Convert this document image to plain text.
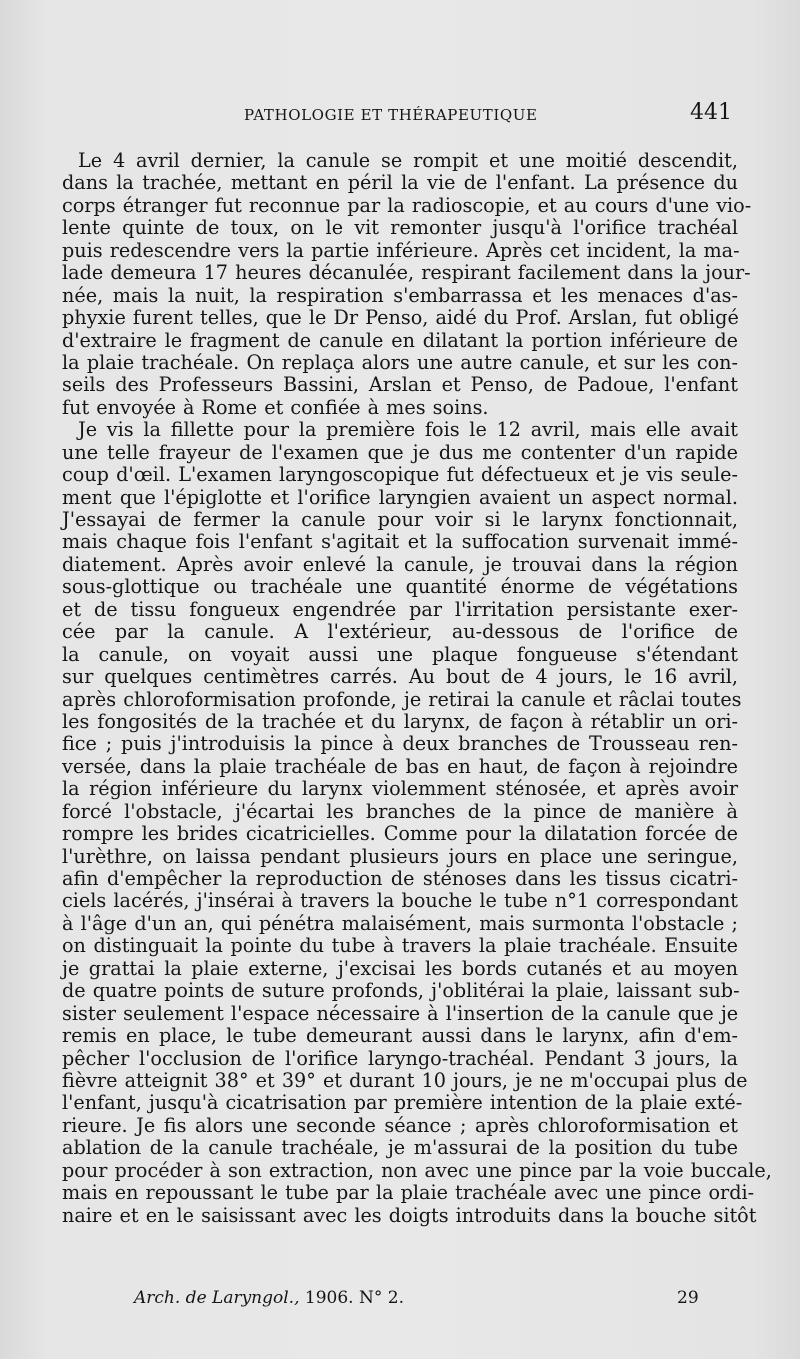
PATHOLOGIE ET THÉRAPEUTIQUE	441
Le 4 avril dernier, la canule se rompit et une moitié descendit,
dans la trachée, mettant en péril la vie de l'enfant. La présence du
corps étranger fut reconnue par la radioscopie, et au cours d'une vio-
lente quinte de toux, on le vit remonter jusqu'à l'orifice trachéal
puis redescendre vers la partie inférieure. Après cet incident, la ma-
lade demeura 17 heures décanulée, respirant facilement dans la jour-
née, mais la nuit, la respiration s'embarrassa et les menaces d'as-
phyxie furent telles, que le Dr Penso, aidé du Prof. Arslan, fut obligé
d'extraire le fragment de canule en dilatant la portion inférieure de
la plaie trachéale. On replaça alors une autre canule, et sur les con-
seils des Professeurs Bassini, Arslan et Penso, de Padoue, l'enfant
fut envoyée à Rome et confiée à mes soins.
Je vis la fillette pour la première fois le 12 avril, mais elle avait
une telle frayeur de l'examen que je dus me contenter d'un rapide
coup d'œil. L'examen laryngoscopique fut défectueux et je vis seule-
ment que l'épiglotte et l'orifice laryngien avaient un aspect normal.
J'essayai de fermer la canule pour voir si le larynx fonctionnait,
mais chaque fois l'enfant s'agitait et la suffocation survenait immé-
diatement. Après avoir enlevé la canule, je trouvai dans la région
sous-glottique ou trachéale une quantité énorme de végétations
et de tissu fongueux engendrée par l'irritation persistante exer-
cée par la canule. A l'extérieur, au-dessous de l'orifice de
la canule, on voyait aussi une plaque fongueuse s'étendant
sur quelques centimètres carrés. Au bout de 4 jours, le 16 avril,
après chloroformisation profonde, je retirai la canule et râclai toutes
les fongosités de la trachée et du larynx, de façon à rétablir un ori-
fice ; puis j'introduisis la pince à deux branches de Trousseau ren-
versée, dans la plaie trachéale de bas en haut, de façon à rejoindre
la région inférieure du larynx violemment sténosée, et après avoir
forcé l'obstacle, j'écartai les branches de la pince de manière à
rompre les brides cicatricielles. Comme pour la dilatation forcée de
l'urèthre, on laissa pendant plusieurs jours en place une seringue,
afin d'empêcher la reproduction de sténoses dans les tissus cicatri-
ciels lacérés, j'insérai à travers la bouche le tube n°1 correspondant
à l'âge d'un an, qui pénétra malaisément, mais surmonta l'obstacle ;
on distinguait la pointe du tube à travers la plaie trachéale. Ensuite
je grattai la plaie externe, j'excisai les bords cutanés et au moyen
de quatre points de suture profonds, j'oblitérai la plaie, laissant sub-
sister seulement l'espace nécessaire à l'insertion de la canule que je
remis en place, le tube demeurant aussi dans le larynx, afin d'em-
pêcher l'occlusion de l'orifice laryngo-trachéal. Pendant 3 jours, la
fièvre atteignit 38° et 39° et durant 10 jours, je ne m'occupai plus de
l'enfant, jusqu'à cicatrisation par première intention de la plaie exté-
rieure. Je fis alors une seconde séance ; après chloroformisation et
ablation de la canule trachéale, je m'assurai de la position du tube
pour procéder à son extraction, non avec une pince par la voie buccale,
mais en repoussant le tube par la plaie trachéale avec une pince ordi-
naire et en le saisissant avec les doigts introduits dans la bouche sitôt
Arch. de Laryngol., 1906. N° 2.	29
